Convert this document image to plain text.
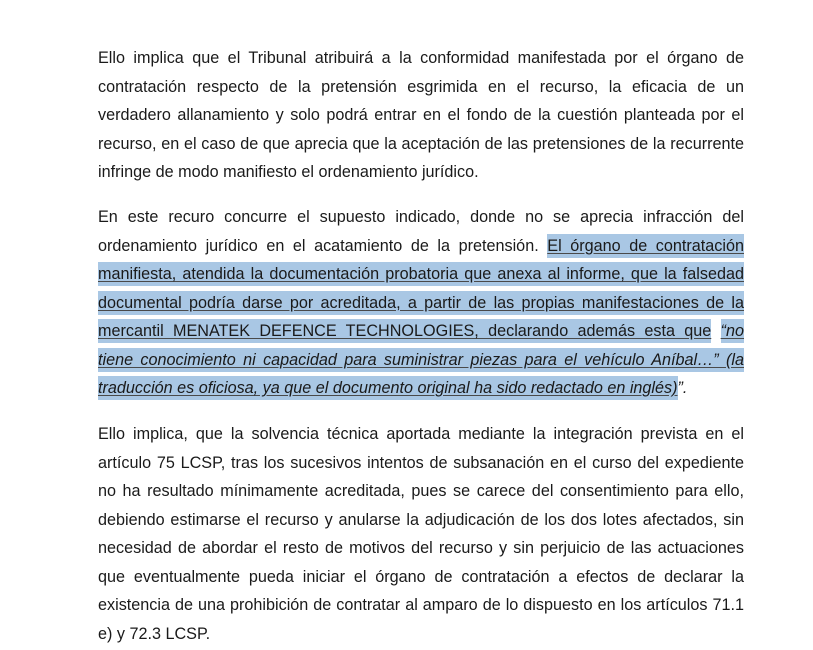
Ello implica que el Tribunal atribuirá a la conformidad manifestada por el órgano de contratación respecto de la pretensión esgrimida en el recurso, la eficacia de un verdadero allanamiento y solo podrá entrar en el fondo de la cuestión planteada por el recurso, en el caso de que aprecia que la aceptación de las pretensiones de la recurrente infringe de modo manifiesto el ordenamiento jurídico.

En este recuro concurre el supuesto indicado, donde no se aprecia infracción del ordenamiento jurídico en el acatamiento de la pretensión. El órgano de contratación manifiesta, atendida la documentación probatoria que anexa al informe, que la falsedad documental podría darse por acreditada, a partir de las propias manifestaciones de la mercantil MENATEK DEFENCE TECHNOLOGIES, declarando además esta que “no tiene conocimiento ni capacidad para suministrar piezas para el vehículo Aníbal…” (la traducción es oficiosa, ya que el documento original ha sido redactado en inglés)”.

Ello implica, que la solvencia técnica aportada mediante la integración prevista en el artículo 75 LCSP, tras los sucesivos intentos de subsanación en el curso del expediente no ha resultado mínimamente acreditada, pues se carece del consentimiento para ello, debiendo estimarse el recurso y anularse la adjudicación de los dos lotes afectados, sin necesidad de abordar el resto de motivos del recurso y sin perjuicio de las actuaciones que eventualmente pueda iniciar el órgano de contratación a efectos de declarar la existencia de una prohibición de contratar al amparo de lo dispuesto en los artículos 71.1 e) y 72.3 LCSP.
